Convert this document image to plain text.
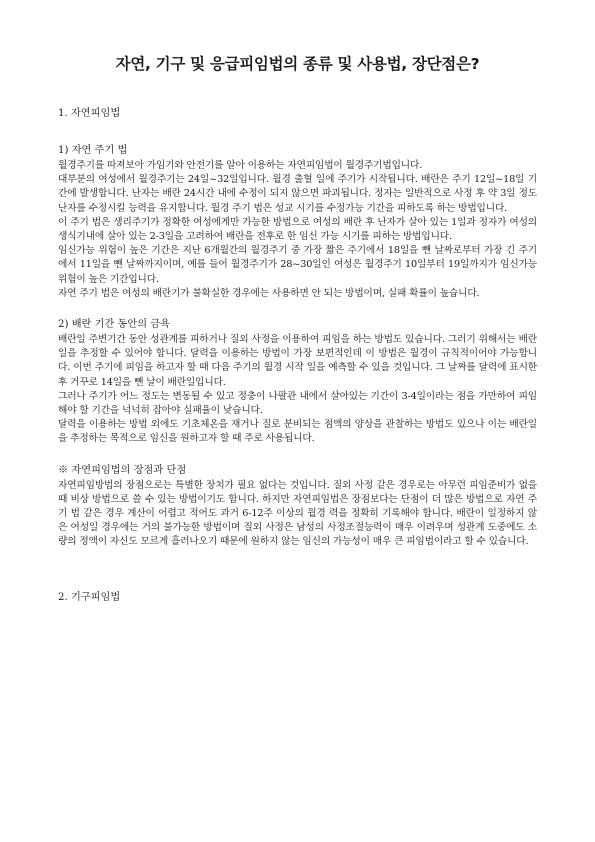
자연, 기구 및 응급피임법의 종류 및 사용법, 장단점은?
1. 자연피임법
1) 자연 주기 법

월경주기를 따져보아 가임기와 안전기를 알아 이용하는 자연피임법이 월경주기법입니다.

대부분의 여성에서 월경주기는 24일~32일입니다. 월경 출혈 일에 주기가 시작됩니다. 배란은 주기 12일~18일 기간에 발생합니다. 난자는 배란 24시간 내에 수정이 되지 않으면 파괴됩니다. 정자는 일반적으로 사정 후 약 3일 정도 난자를 수정시킬 능력을 유지합니다. 월경 주기 법은 성교 시기를 수정가능 기간을 피하도록 하는 방법입니다.

이 주기 법은 생리주기가 정확한 여성에게만 가능한 방법으로 여성의 배란 후 난자가 살아 있는 1일과 정자가 여성의 생식기내에 살아 있는 2-3일을 고려하여 배란을 전후로 한 임신 가능 시기를 피하는 방법입니다.

임신가능 위험이 높은 기간은 지난 6개월간의 월경주기 중 가장 짧은 주기에서 18일을 뺀 날짜로부터 가장 긴 주기에서 11일을 뺀 날짜까지이며, 예를 들어 월경주기가 28~30일인 여성은 월경주기 10일부터 19일까지가 임신가능 위험이 높은 기간입니다.

자연 주기 법은 여성의 배란기가 불확실한 경우에는 사용하면 안 되는 방법이며, 실패 확률이 높습니다.

2) 배란 기간 동안의 금욕

배란일 주변기간 동안 성관계를 피하거나 질외 사정을 이용하여 피임을 하는 방법도 있습니다. 그러기 위해서는 배란일을 추정할 수 있어야 합니다. 달력을 이용하는 방법이 가장 보편적인데 이 방법은 월경이 규칙적이어야 가능합니다. 이번 주기에 피임을 하고자 할 때 다음 주기의 월경 시작 일을 예측할 수 있을 것입니다. 그 날짜를 달력에 표시한 후 거꾸로 14일을 뺀 날이 배란일입니다.

그러나 주기가 어느 정도는 변동될 수 있고 정충이 나팔관 내에서 살아있는 기간이 3-4일이라는 점을 가만하여 피임해야 할 기간을 넉넉히 잡아야 실패율이 낮습니다.

달력을 이용하는 방법 외에도 기초체온을 재거나 질로 분비되는 점액의 양상을 관찰하는 방법도 있으나 이는 배란일을 추정하는 목적으로 임신을 원하고자 할 때 주로 사용됩니다.

※ 자연피임법의 장점과 단점

자연피임방법의 장점으로는 특별한 장치가 필요 없다는 것입니다. 질외 사정 같은 경우로는 아무런 피임준비가 없을 때 비상 방법으로 쓸 수 있는 방법이기도 합니다. 하지만 자연피임법은 장점보다는 단점이 더 많은 방법으로 자연 주기 법 같은 경우 계산이 어렵고 적어도 과거 6-12주 이상의 월경 력을 정확히 기록해야 합니다. 배란이 일정하지 않은 여성일 경우에는 거의 불가능한 방법이며 질외 사정은 남성의 사정조절능력이 매우 이려우며 성관계 도중에도 소량의 정액이 자신도 모르게 흘러나오기 때문에 원하지 않는 임신의 가능성이 매우 큰 피임법이라고 할 수 있습니다.

2. 기구피임법
